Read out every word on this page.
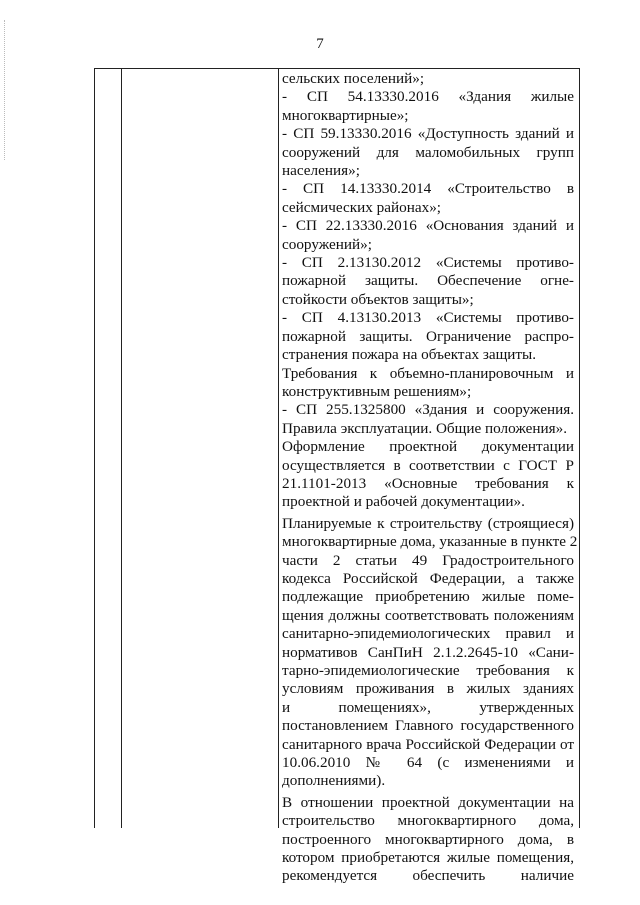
7
сельских поселений»;
- СП 54.13330.2016 «Здания жилые
многоквартирные»;
- СП 59.13330.2016 «Доступность зданий и
сооружений для маломобильных групп
населения»;
- СП 14.13330.2014 «Строительство в
сейсмических районах»;
- СП 22.13330.2016 «Основания зданий и
сооружений»;
- СП 2.13130.2012 «Системы противо-
пожарной защиты. Обеспечение огне-
стойкости объектов защиты»;
- СП 4.13130.2013 «Системы противо-
пожарной защиты. Ограничение распро-
странения пожара на объектах защиты.
Требования к объемно-планировочным и
конструктивным решениям»;
- СП 255.1325800 «Здания и сооружения.
Правила эксплуатации. Общие положения».
Оформление проектной документации
осуществляется в соответствии с ГОСТ Р
21.1101-2013 «Основные требования к
проектной и рабочей документации».
Планируемые к строительству (строящиеся)
многоквартирные дома, указанные в пункте 2
части 2 статьи 49 Градостроительного
кодекса Российской Федерации, а также
подлежащие приобретению жилые поме-
щения должны соответствовать положениям
санитарно-эпидемиологических правил и
нормативов СанПиН 2.1.2.2645-10 «Сани-
тарно-эпидемиологические требования к
условиям проживания в жилых зданиях
и помещениях», утвержденных
постановлением Главного государственного
санитарного врача Российской Федерации от
10.06.2010 № 64 (с изменениями и
дополнениями).
В отношении проектной документации на
строительство многоквартирного дома,
построенного многоквартирного дома, в
котором приобретаются жилые помещения,
рекомендуется обеспечить наличие
